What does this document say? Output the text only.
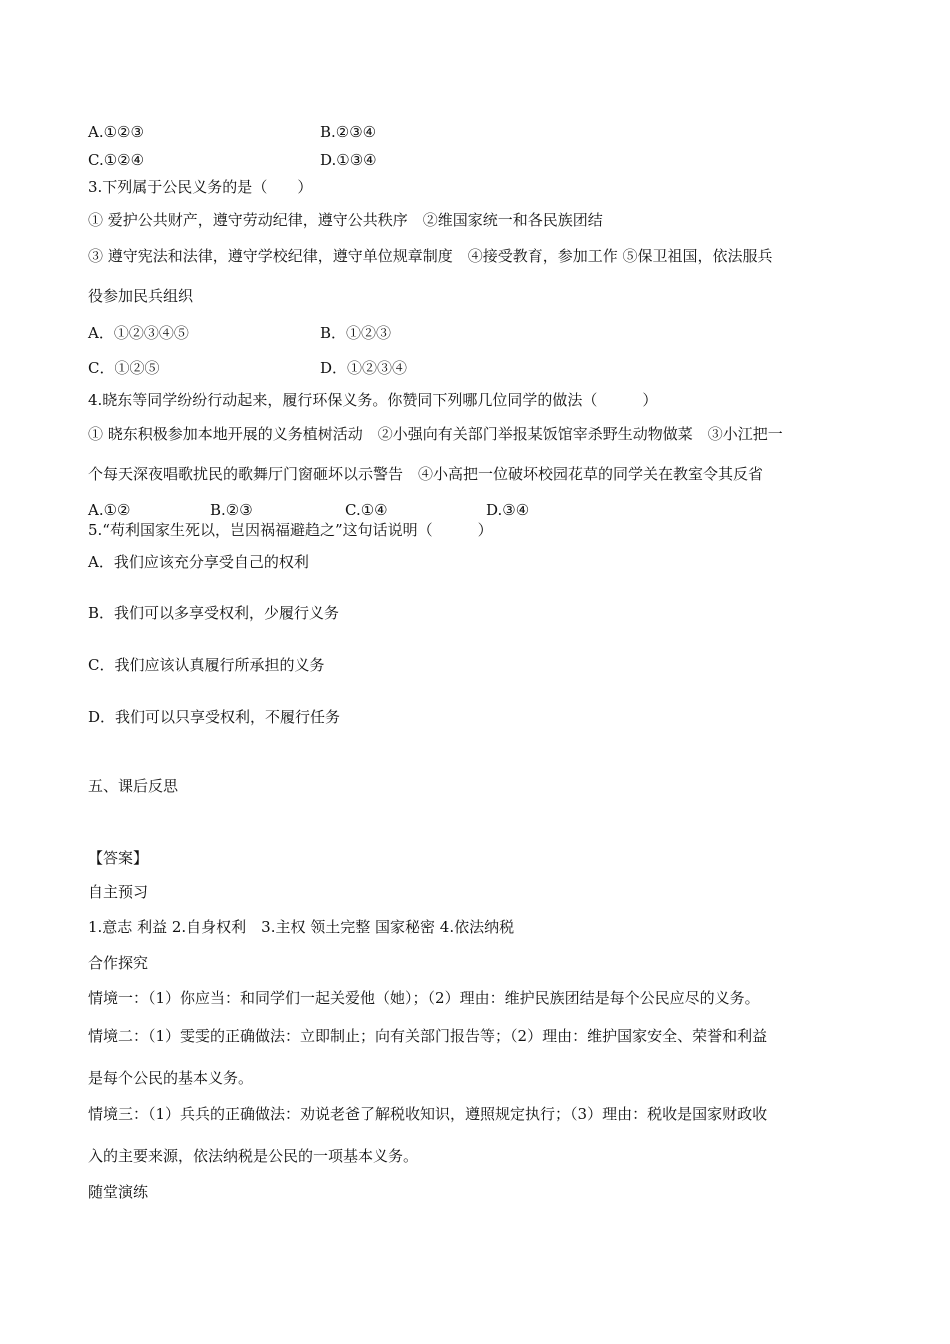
A.①②③	B.②③④
C.①②④	D.①③④
3.下列属于公民义务的是（　　）
① 爱护公共财产，遵守劳动纪律，遵守公共秩序　②维国家统一和各民族团结
③ 遵守宪法和法律，遵守学校纪律，遵守单位规章制度　④接受教育，参加工作 ⑤保卫祖国，依法服兵
役参加民兵组织
A．①②③④⑤	B．①②③
C．①②⑤	D．①②③④
4.晓东等同学纷纷行动起来，履行环保义务。你赞同下列哪几位同学的做法（　　　）
① 晓东积极参加本地开展的义务植树活动　②小强向有关部门举报某饭馆宰杀野生动物做菜　③小江把一
个每天深夜唱歌扰民的歌舞厅门窗砸坏以示警告　④小高把一位破坏校园花草的同学关在教室令其反省
A.①②	B.②③	C.①④	D.③④
5.“苟利国家生死以，岂因祸福避趋之”这句话说明（　　　）
A．我们应该充分享受自己的权利
B．我们可以多享受权利，少履行义务
C．我们应该认真履行所承担的义务
D．我们可以只享受权利，不履行任务
五、课后反思
【答案】
自主预习
1.意志 利益 2.自身权利　3.主权 领土完整 国家秘密 4.依法纳税
合作探究
情境一：（1）你应当：和同学们一起关爱他（她）；（2）理由：维护民族团结是每个公民应尽的义务。
情境二：（1）雯雯的正确做法：立即制止；向有关部门报告等；（2）理由：维护国家安全、荣誉和利益
是每个公民的基本义务。
情境三：（1）兵兵的正确做法：劝说老爸了解税收知识，遵照规定执行；（3）理由：税收是国家财政收
入的主要来源，依法纳税是公民的一项基本义务。
随堂演练
